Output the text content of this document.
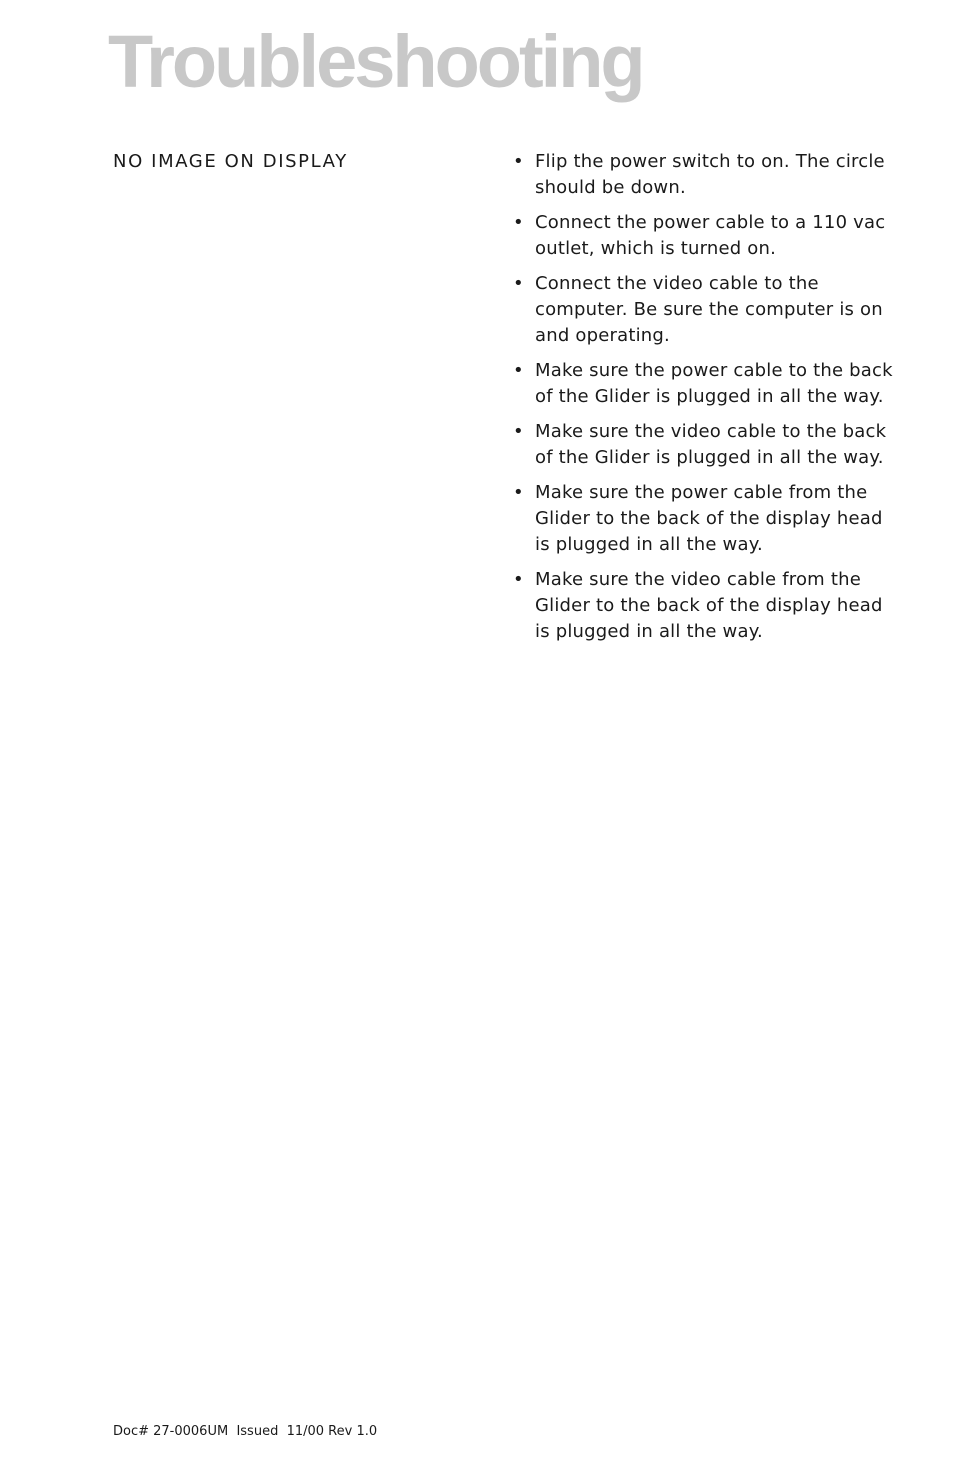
Troubleshooting
NO IMAGE ON DISPLAY	• Flip the power switch to on. The circle should be down.
• Connect the power cable to a 110 vac outlet, which is turned on.
• Connect the video cable to the computer. Be sure the computer is on and operating.
• Make sure the power cable to the back of the Glider is plugged in all the way.
• Make sure the video cable to the back of the Glider is plugged in all the way.
• Make sure the power cable from the Glider to the back of the display head is plugged in all the way.
• Make sure the video cable from the Glider to the back of the display head is plugged in all the way.

Doc# 27-0006UM  Issued  11/00 Rev 1.0
